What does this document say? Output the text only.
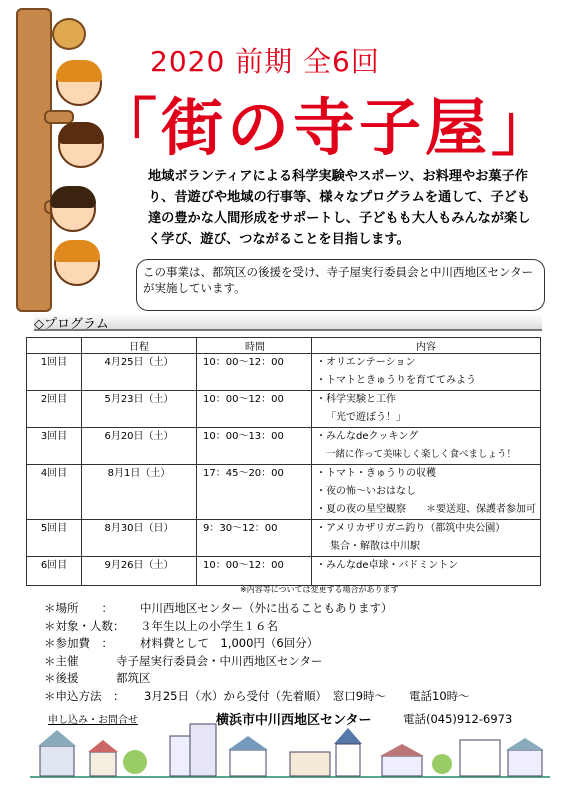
2020 前期 全6回
「街の寺子屋」
地域ボランティアによる科学実験やスポーツ、お料理やお菓子作り、昔遊びや地域の行事等、様々なプログラムを通して、子ども達の豊かな人間形成をサポートし、子どもも大人もみんなが楽しく学び、遊び、つながることを目指します。
この事業は、都筑区の後援を受け、寺子屋実行委員会と中川西地区センターが実施しています。
◇プログラム
	日程	時間	内容
1回目	4月25日（土）	10：00～12：00	・オリエンテーション
・トマトときゅうりを育ててみよう

2回目	5月23日（土）	10：00～12：00	・科学実験と工作
「光で遊ぼう！」

3回目	6月20日（土）	10：00～13：00	・みんなdeクッキング
一緒に作って美味しく楽しく食べましょう！

4回目	8月1日（土）	17：45～20：00	・トマト・きゅうりの収穫
・夜の怖～いおはなし
・夏の夜の星空観察　　＊要送迎、保護者参加可

5回目	8月30日（日）	9：30～12：00	・アメリカザリガニ釣り（都筑中央公園）
集合・解散は中川駅

6回目	9月26日（土）	10：00～12：00	・みんなde卓球・バドミントン
※内容等については変更する場合があります
＊場所　　： 中川西地区センター（外に出ることもあります）
＊対象・人数： ３年生以上の小学生１６名
＊参加費　： 材料費として　1,000円（6回分）
＊主催	寺子屋実行委員会・中川西地区センター
＊後援	都筑区
＊申込方法　： 3月25日（水）から受付（先着順）　窓口9時～　　電話10時～
申し込み・お問合せ	横浜市中川西地区センター	電話(045)912-6973
